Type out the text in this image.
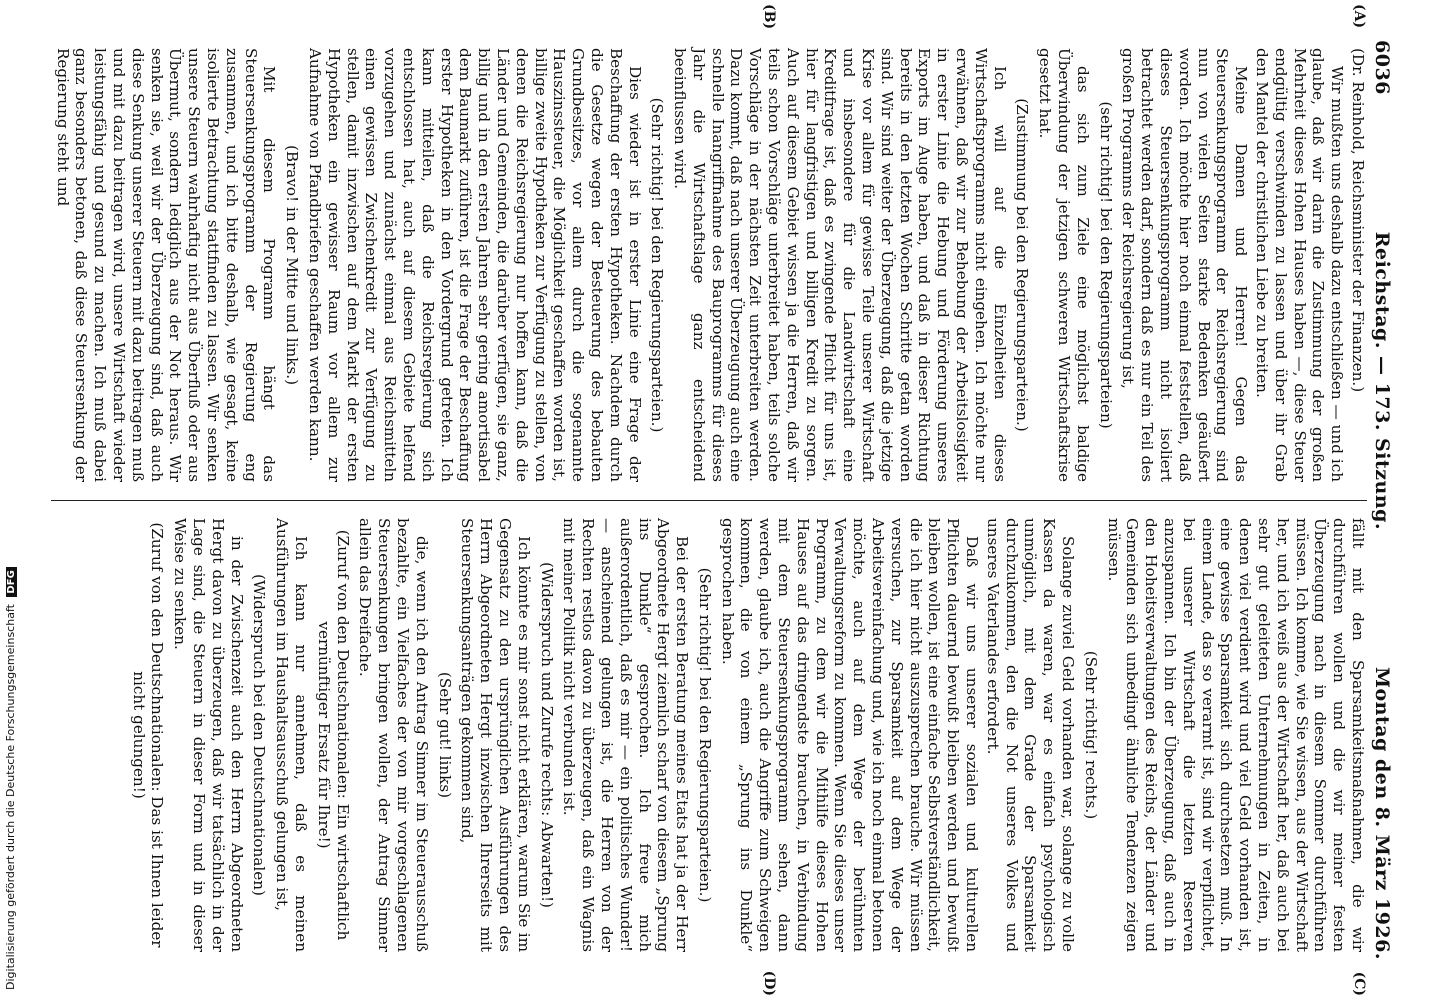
Digitalisierung gefördert durch die Deutsche Forschungsgemeinschaft DFG
6036
Reichstag. — 173. Sitzung.
Montag den 8. März 1926.
(A)
(B)
(C)
(D)

(Dr. Reinhold, Reichsminister der Finanzen.)

Wir mußten uns deshalb dazu entschließen — und ich glaube, daß wir darin die Zustimmung der großen Mehrheit dieses Hohen Hauses haben —, diese Steuer endgültig verschwinden zu lassen und über ihr Grab den Mantel der christlichen Liebe zu breiten.

Meine Damen und Herren! Gegen das Steuersenkungsprogramm der Reichsregierung sind nun von vielen Seiten starke Bedenken geäußert worden. Ich möchte hier noch einmal feststellen, daß dieses Steuersenkungsprogramm nicht isoliert betrachtet werden darf, sondern daß es nur ein Teil des großen Programms der Reichsregierung ist,

(sehr richtig! bei den Regierungsparteien)

das sich zum Ziele eine möglichst baldige Überwindung der jetzigen schweren Wirtschaftskrise gesetzt hat.

(Zustimmung bei den Regierungsparteien.)

Ich will auf die Einzelheiten dieses Wirtschaftsprogramms nicht eingehen. Ich möchte nur erwähnen, daß wir zur Behebung der Arbeitslosigkeit in erster Linie die Hebung und Förderung unseres Exports im Auge haben, und daß in dieser Richtung bereits in den letzten Wochen Schritte getan worden sind. Wir sind weiter der Überzeugung, daß die jetzige Krise vor allem für gewisse Teile unserer Wirtschaft und insbesondere für die Landwirtschaft eine Kreditfrage ist, daß es zwingende Pflicht für uns ist, hier für langfristigen und billigen Kredit zu sorgen. Auch auf diesem Gebiet wissen ja die Herren, daß wir teils schon Vorschläge unterbreitet haben, teils solche Vorschläge in der nächsten Zeit unterbreiten werden. Dazu kommt, daß nach unserer Überzeugung auch eine schnelle Inangriffnahme des Bauprogramms für dieses Jahr die Wirtschaftslage ganz entscheidend beeinflussen wird.

(Sehr richtig! bei den Regierungsparteien.)

Dies wieder ist in erster Linie eine Frage der Beschaffung der ersten Hypotheken. Nachdem durch die Gesetze wegen der Besteuerung des bebauten Grundbesitzes, vor allem durch die sogenannte Hauszinssteuer, die Möglichkeit geschaffen worden ist, billige zweite Hypotheken zur Verfügung zu stellen, von denen die Reichsregierung nur hoffen kann, daß die Länder und Gemeinden, die darüber verfügen, sie ganz, billig und in den ersten Jahren sehr gering amortisabel dem Baumarkt zuführen, ist die Frage der Beschaffung erster Hypotheken in den Vordergrund getreten. Ich kann mitteilen, daß die Reichsregierung sich entschlossen hat, auch auf diesem Gebiete helfend vorzugehen und zunächst einmal aus Reichsmitteln einen gewissen Zwischenkredit zur Verfügung zu stellen, damit inzwischen auf dem Markt der ersten Hypotheken ein gewisser Raum vor allem zur Aufnahme von Pfandbriefen geschaffen werden kann.

(Bravo! in der Mitte und links.)

Mit diesem Programm hängt das Steuersenkungsprogramm der Regierung eng zusammen, und ich bitte deshalb, wie gesagt, keine isolierte Betrachtung stattfinden zu lassen. Wir senken unsere Steuern wahrhaftig nicht aus Überfluß oder aus Übermut, sondern lediglich aus der Not heraus. Wir senken sie, weil wir der Überzeugung sind, daß auch diese Senkung unserer Steuern mit dazu beitragen muß und mit dazu beitragen wird, unsere Wirtschaft wieder leistungsfähig und gesund zu machen. Ich muß dabei ganz besonders betonen, daß diese Steuersenkung der Regierung steht und

fällt mit den Sparsamkeitsmaßnahmen, die wir durchführen wollen und die wir meiner festen Überzeugung nach in diesem Sommer durchführen müssen. Ich komme, wie Sie wissen, aus der Wirtschaft her, und ich weiß aus der Wirtschaft her, daß auch bei sehr gut geleiteten Unternehmungen in Zeiten, in denen viel verdient wird und viel Geld vorhanden ist, eine gewisse Sparsamkeit sich durchsetzen muß. In einem Lande, das so verarmt ist, sind wir verpflichtet, bei unserer Wirtschaft die letzten Reserven anzuspannen. Ich bin der Überzeugung, daß auch in den Hoheitsverwaltungen des Reichs, der Länder und Gemeinden sich unbedingt ähnliche Tendenzen zeigen müssen.

(Sehr richtig! rechts.)

Solange zuviel Geld vorhanden war, solange zu volle Kassen da waren, war es einfach psychologisch unmöglich, mit dem Grade der Sparsamkeit durchzukommen, den die Not unseres Volkes und unseres Vaterlandes erfordert.

Daß wir uns unserer sozialen und kulturellen Pflichten dauernd bewußt bleiben werden und bewußt bleiben wollen, ist eine einfache Selbstverständlichkeit, die ich hier nicht auszusprechen brauche. Wir müssen versuchen, zur Sparsamkeit auf dem Wege der Arbeitsvereinfachung und, wie ich noch einmal betonen möchte, auch auf dem Wege der berühmten Verwaltungsreform zu kommen. Wenn Sie dieses unser Programm, zu dem wir die Mithilfe dieses Hohen Hauses auf das dringendste brauchen, in Verbindung mit dem Steuersenkungsprogramm sehen, dann werden, glaube ich, auch die Angriffe zum Schweigen kommen, die von einem „Sprung ins Dunkle“ gesprochen haben.

(Sehr richtig! bei den Regierungsparteien.)

Bei der ersten Beratung meines Etats hat ja der Herr Abgeordnete Hergt ziemlich scharf von diesem „Sprung ins Dunkle“ gesprochen. Ich freue mich außerordentlich, daß es mir — ein politisches Wunder! — anscheinend gelungen ist, die Herren von der Rechten restlos davon zu überzeugen, daß ein Wagnis mit meiner Politik nicht verbunden ist.

(Widerspruch und Zurufe rechts: Abwarten!)

Ich könnte es mir sonst nicht erklären, warum Sie im Gegensatz zu den ursprünglichen Ausführungen des Herrn Abgeordneten Hergt inzwischen Ihrerseits mit Steuersenkungsanträgen gekommen sind,

(Sehr gut! links)

die, wenn ich den Antrag Simner im Steuerausschuß bezahlte, ein Vielfaches der von mir vorgeschlagenen Steuersenkungen bringen wollen, der Antrag Simner allein das Dreifache.

(Zuruf von den Deutschnationalen: Ein wirtschaftlich vernünftiger Ersatz für Ihre!)

Ich kann nur annehmen, daß es meinen Ausführungen im Haushaltsausschuß gelungen ist,

(Widerspruch bei den Deutschnationalen)

in der Zwischenzeit auch den Herrn Abgeordneten Hergt davon zu überzeugen, daß wir tatsächlich in der Lage sind, die Steuern in dieser Form und in dieser Weise zu senken.

(Zuruf von den Deutschnationalen: Das ist Ihnen leider nicht gelungen!)
